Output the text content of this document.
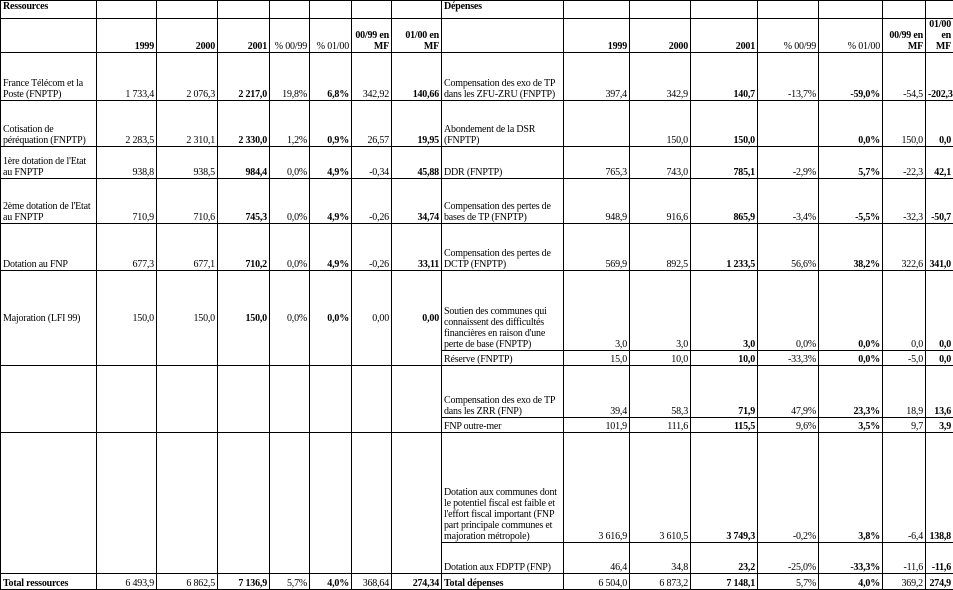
Ressources								Dépenses							
	1999	2000	2001	% 00/99	% 01/00	00/99 en MF	01/00 en MF		1999	2000	2001	% 00/99	% 01/00	00/99 en MF	01/00 en MF
France Télécom et la Poste (FNPTP)	1 733,4	2 076,3	2 217,0	19,8%	6,8%	342,92	140,66	Compensation des exo de TP dans les ZFU-ZRU (FNPTP)	397,4	342,9	140,7	-13,7%	-59,0%	-54,5	-202,3
Cotisation de péréquation (FNPTP)	2 283,5	2 310,1	2 330,0	1,2%	0,9%	26,57	19,95	Abondement de la DSR (FNPTP)		150,0	150,0		0,0%	150,0	0,0
1ère dotation de l'Etat au FNPTP	938,8	938,5	984,4	0,0%	4,9%	-0,34	45,88	DDR (FNPTP)	765,3	743,0	785,1	-2,9%	5,7%	-22,3	42,1
2ème dotation de l'Etat au FNPTP	710,9	710,6	745,3	0,0%	4,9%	-0,26	34,74	Compensation des pertes de bases de TP (FNPTP)	948,9	916,6	865,9	-3,4%	-5,5%	-32,3	-50,7
Dotation au FNP	677,3	677,1	710,2	0,0%	4,9%	-0,26	33,11	Compensation des pertes de DCTP (FNPTP)	569,9	892,5	1 233,5	56,6%	38,2%	322,6	341,0
Majoration (LFI 99)	150,0	150,0	150,0	0,0%	0,0%	0,00	0,00	Soutien des communes qui connaissent des difficultés financières en raison d'une perte de base (FNPTP)	3,0	3,0	3,0	0,0%	0,0%	0,0	0,0
								Réserve (FNPTP)	15,0	10,0	10,0	-33,3%	0,0%	-5,0	0,0
								Compensation des exo de TP dans les ZRR (FNP)	39,4	58,3	71,9	47,9%	23,3%	18,9	13,6
								FNP outre-mer	101,9	111,6	115,5	9,6%	3,5%	9,7	3,9
								Dotation aux communes dont le potentiel fiscal est faible et l'effort fiscal important (FNP part principale communes et majoration métropole)	3 616,9	3 610,5	3 749,3	-0,2%	3,8%	-6,4	138,8
								Dotation aux FDPTP (FNP)	46,4	34,8	23,2	-25,0%	-33,3%	-11,6	-11,6
Total ressources	6 493,9	6 862,5	7 136,9	5,7%	4,0%	368,64	274,34	Total dépenses	6 504,0	6 873,2	7 148,1	5,7%	4,0%	369,2	274,9
